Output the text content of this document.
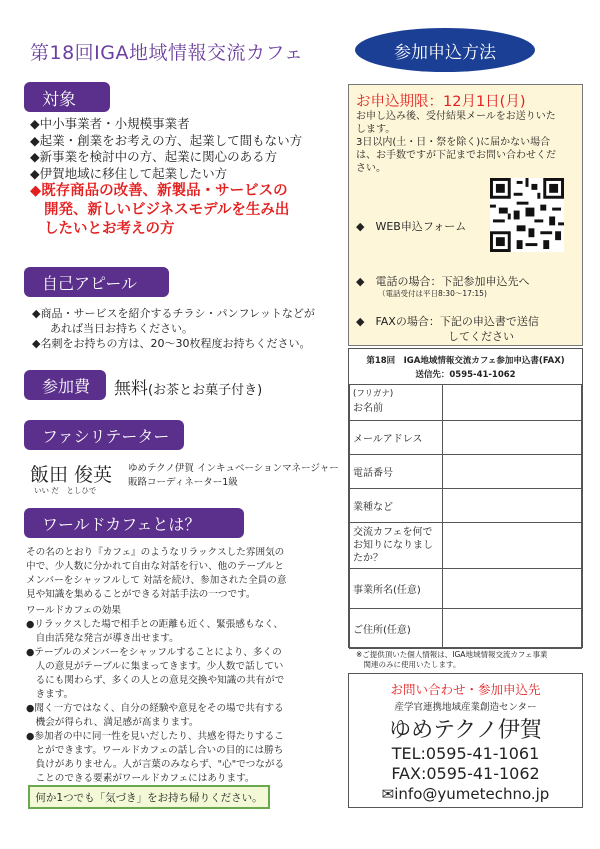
第18回IGA地域情報交流カフェ	参加申込方法
対象
◆中小事業者・小規模事業者
◆起業・創業をお考えの方、起業して間もない方
◆新事業を検討中の方、起業に関心のある方
◆伊賀地域に移住して起業したい方
◆既存商品の改善、新製品・サービスの
開発、新しいビジネスモデルを生み出
したいとお考えの方
自己アピール
◆商品・サービスを紹介するチラシ・パンフレットなどが
あれば当日お持ちください。
◆名刺をお持ちの方は、20～30枚程度お持ちください。
参加費	無料(お茶とお菓子付き)
ファシリテーター
飯田 俊英
いい だ　としひで
ゆめテクノ伊賀 インキュベーションマネージャー
販路コーディネーター1級
ワールドカフェとは？
その名のとおり『カフェ』のようなリラックスした雰囲気の
中で、少人数に分かれて自由な対話を行い、他のテーブルと
メンバーをシャッフルして 対話を続け、参加された全員の意
見や知識を集めることができる対話手法の一つです。
ワールドカフェの効果
●リラックスした場で相手との距離も近く、緊張感もなく、
　自由活発な発言が導き出せます。
●テーブルのメンバーをシャッフルすることにより、多くの
　人の意見がテーブルに集まってきます。少人数で話してい
　るにも関わらず、多くの人との意見交換や知識の共有がで
　きます。
●聞く一方ではなく、自分の経験や意見をその場で共有する
　機会が得られ、満足感が高まります。
●参加者の中に同一性を見いだしたり、共感を得たりするこ
　とができます。ワールドカフェの話し合いの目的には勝ち
　負けがありません。人が言葉のみならず、"心"でつながる
　ことのできる要素がワールドカフェにはあります。
何か1つでも「気づき」をお持ち帰りください。
お申込期限：12月1日(月)
お申し込み後、受付結果メールをお送りいた
します。
3日以内(土・日・祭を除く)に届かない場合
は、お手数ですが下記までお問い合わせくだ
さい。
◆　WEB申込フォーム
◆　電話の場合：下記参加申込先へ
（電話受付は平日8:30～17:15)
◆　FAXの場合：下記の申込書で送信
してください
第18回　IGA地域情報交流カフェ参加申込書(FAX)
送信先：0595-41-1062
(フリガナ)
お名前	

メールアドレス	
電話番号	
業種など	
交流カフェを何でお知りになりましたか？	
事業所名(任意)	
ご住所(任意)	
※ご提供頂いた個人情報は、IGA地域情報交流カフェ事業
　関連のみに使用いたします。
お問い合わせ・参加申込先
産学官連携地域産業創造センター
ゆめテクノ伊賀
TEL:0595-41-1061
FAX:0595-41-1062
✉info@yumetechno.jp
